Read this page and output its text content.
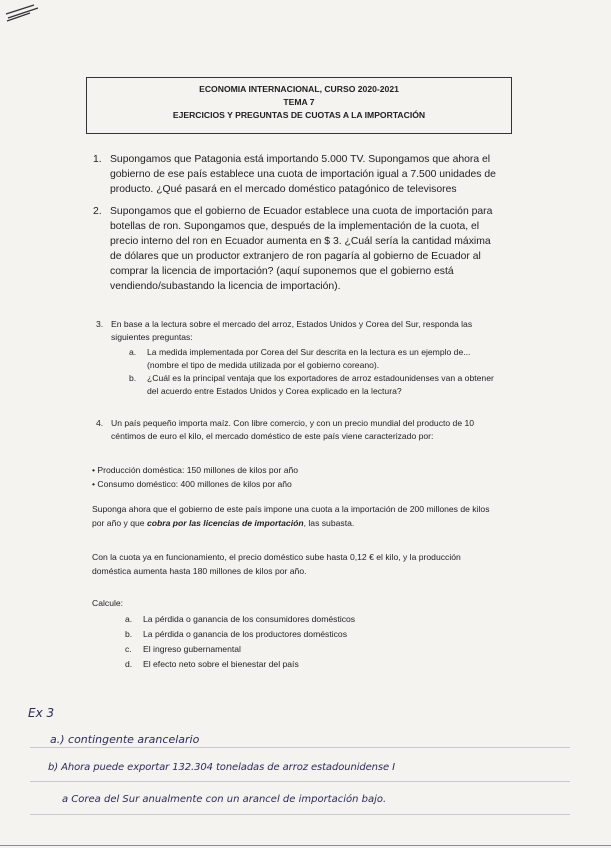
ECONOMIA INTERNACIONAL, CURSO 2020-2021
TEMA 7
EJERCICIOS Y PREGUNTAS DE CUOTAS A LA IMPORTACIÓN
1. Supongamos que Patagonia está importando 5.000 TV. Supongamos que ahora el gobierno de ese país establece una cuota de importación igual a 7.500 unidades de producto. ¿Qué pasará en el mercado doméstico patagónico de televisores
2. Supongamos que el gobierno de Ecuador establece una cuota de importación para botellas de ron. Supongamos que, después de la implementación de la cuota, el precio interno del ron en Ecuador aumenta en $ 3. ¿Cuál sería la cantidad máxima de dólares que un productor extranjero de ron pagaría al gobierno de Ecuador al comprar la licencia de importación? (aquí suponemos que el gobierno está vendiendo/subastando la licencia de importación).
3. En base a la lectura sobre el mercado del arroz, Estados Unidos y Corea del Sur, responda las siguientes preguntas:
a. La medida implementada por Corea del Sur descrita en la lectura es un ejemplo de... (nombre el tipo de medida utilizada por el gobierno coreano).
b. ¿Cuál es la principal ventaja que los exportadores de arroz estadounidenses van a obtener del acuerdo entre Estados Unidos y Corea explicado en la lectura?
4. Un país pequeño importa maíz. Con libre comercio, y con un precio mundial del producto de 10 céntimos de euro el kilo, el mercado doméstico de este país viene caracterizado por:
• Producción doméstica: 150 millones de kilos por año
• Consumo doméstico: 400 millones de kilos por año
Suponga ahora que el gobierno de este país impone una cuota a la importación de 200 millones de kilos por año y que cobra por las licencias de importación, las subasta.
Con la cuota ya en funcionamiento, el precio doméstico sube hasta 0,12 € el kilo, y la producción doméstica aumenta hasta 180 millones de kilos por año.
Calcule:
a. La pérdida o ganancia de los consumidores domésticos
b. La pérdida o ganancia de los productores domésticos
c. El ingreso gubernamental
d. El efecto neto sobre el bienestar del país
Ex 3
a.) contingente arancelario
b) Ahora puede exportar 132.304 toneladas de arroz estadounidense I
a Corea del Sur anualmente con un arancel de importación bajo.
